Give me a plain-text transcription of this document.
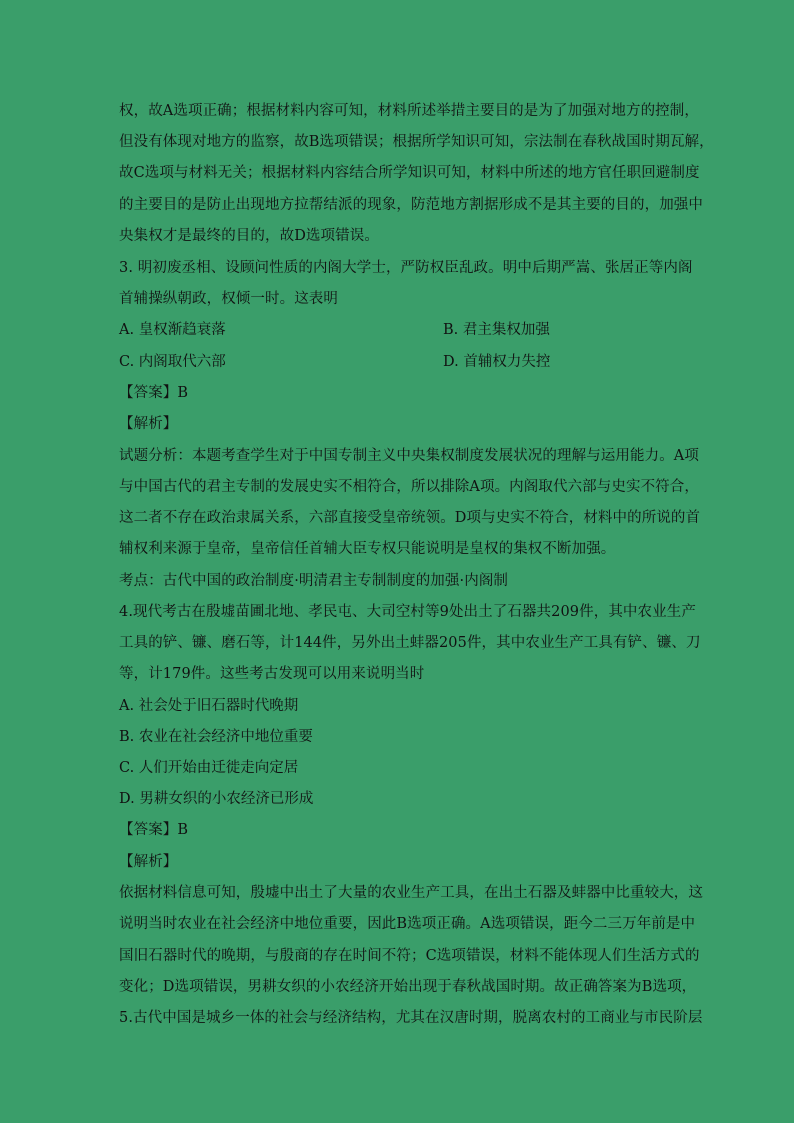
权，故A选项正确；根据材料内容可知，材料所述举措主要目的是为了加强对地方的控制，
但没有体现对地方的监察，故B选项错误；根据所学知识可知，宗法制在春秋战国时期瓦解，
故C选项与材料无关；根据材料内容结合所学知识可知，材料中所述的地方官任职回避制度
的主要目的是防止出现地方拉帮结派的现象，防范地方割据形成不是其主要的目的，加强中
央集权才是最终的目的，故D选项错误。
3. 明初废丞相、设顾问性质的内阁大学士，严防权臣乱政。明中后期严嵩、张居正等内阁
首辅操纵朝政，权倾一时。这表明
A. 皇权渐趋衰落	B. 君主集权加强
C. 内阁取代六部	D. 首辅权力失控
【答案】B
【解析】
试题分析：本题考查学生对于中国专制主义中央集权制度发展状况的理解与运用能力。A项
与中国古代的君主专制的发展史实不相符合，所以排除A项。内阁取代六部与史实不符合，
这二者不存在政治隶属关系，六部直接受皇帝统领。D项与史实不符合，材料中的所说的首
辅权利来源于皇帝，皇帝信任首辅大臣专权只能说明是皇权的集权不断加强。
考点：古代中国的政治制度·明清君主专制制度的加强·内阁制
4.现代考古在殷墟苗圃北地、孝民屯、大司空村等9处出土了石器共209件，其中农业生产
工具的铲、镰、磨石等，计144件，另外出土蚌器205件，其中农业生产工具有铲、镰、刀
等，计179件。这些考古发现可以用来说明当时
A. 社会处于旧石器时代晚期
B. 农业在社会经济中地位重要
C. 人们开始由迁徙走向定居
D. 男耕女织的小农经济已形成
【答案】B
【解析】
依据材料信息可知，殷墟中出土了大量的农业生产工具，在出土石器及蚌器中比重较大，这
说明当时农业在社会经济中地位重要，因此B选项正确。A选项错误，距今二三万年前是中
国旧石器时代的晚期，与殷商的存在时间不符；C选项错误，材料不能体现人们生活方式的
变化；D选项错误，男耕女织的小农经济开始出现于春秋战国时期。故正确答案为B选项，
5.古代中国是城乡一体的社会与经济结构，尤其在汉唐时期，脱离农村的工商业与市民阶层
